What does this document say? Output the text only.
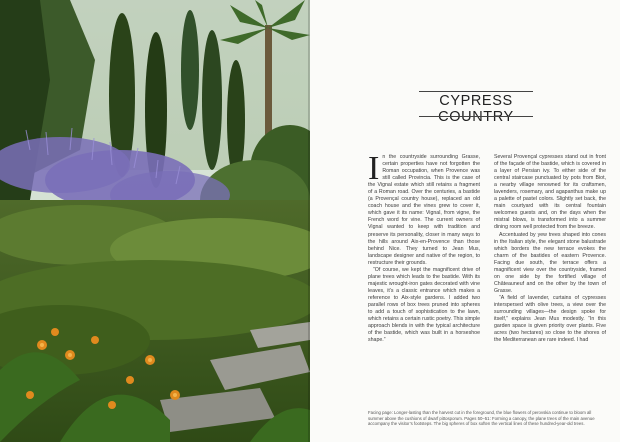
CYPRESS COUNTRY

In the countryside surrounding Grasse, certain properties have not forgotten the Roman occupation, when Provence was still called Provincia. This is the case of the Vignal estate which still retains a fragment of a Roman road. Over the centuries, a bastide (a Provençal country house), replaced an old coach house and the vines grew to cover it, which gave it its name: Vignal, from vigne, the French word for vine. The current owners of Vignal wanted to keep with tradition and preserve its personality, closer in many ways to the hills around Aix-en-Provence than those behind Nice. They turned to Jean Mus, landscape designer and native of the region, to restructure their grounds.

“Of course, we kept the magnificent drive of plane trees which leads to the bastide. With its majestic wrought-iron gates decorated with vine leaves, it’s a classic entrance which makes a reference to Aix-style gardens. I added two parallel rows of box trees pruned into spheres to add a touch of sophistication to the lawn, which retains a certain rustic poetry. This simple approach blends in with the typical architecture of the bastide, which was built in a horseshoe shape.”

Several Provençal cypresses stand out in front of the façade of the bastide, which is covered in a layer of Persian ivy. To either side of the central staircase punctuated by pots from Biot, a nearby village renowned for its craftsmen, lavenders, rosemary, and agapanthus make up a palette of pastel colors. Slightly set back, the main courtyard with its central fountain welcomes guests and, on the days when the mistral blows, is transformed into a summer dining room well protected from the breeze.

Accentuated by yew trees shaped into cones in the Italian style, the elegant stone balustrade which borders the new terrace evokes the charm of the bastides of eastern Provence. Facing due south, the terrace offers a magnificent view over the countryside, framed on one side by the fortified village of Châteauneuf and on the other by the town of Grasse.

“A field of lavender, curtains of cypresses interspersed with olive trees, a view over the surrounding villages—the design spoke for itself,” explains Jean Mus modestly. “In this garden space is given priority over plants. Five acres (two hectares) so close to the shores of the Mediterranean are rare indeed. I had

Facing page: Longer-lasting than the harvest cut in the foreground, the blue flowers of perovskia continue to bloom all summer above the cushions of dwarf pittosporum. Pages 50–51: Forming a canopy, the plane trees of the main avenue accompany the visitor’s footsteps. The big spheres of box soften the vertical lines of these hundred-year-old trees.
